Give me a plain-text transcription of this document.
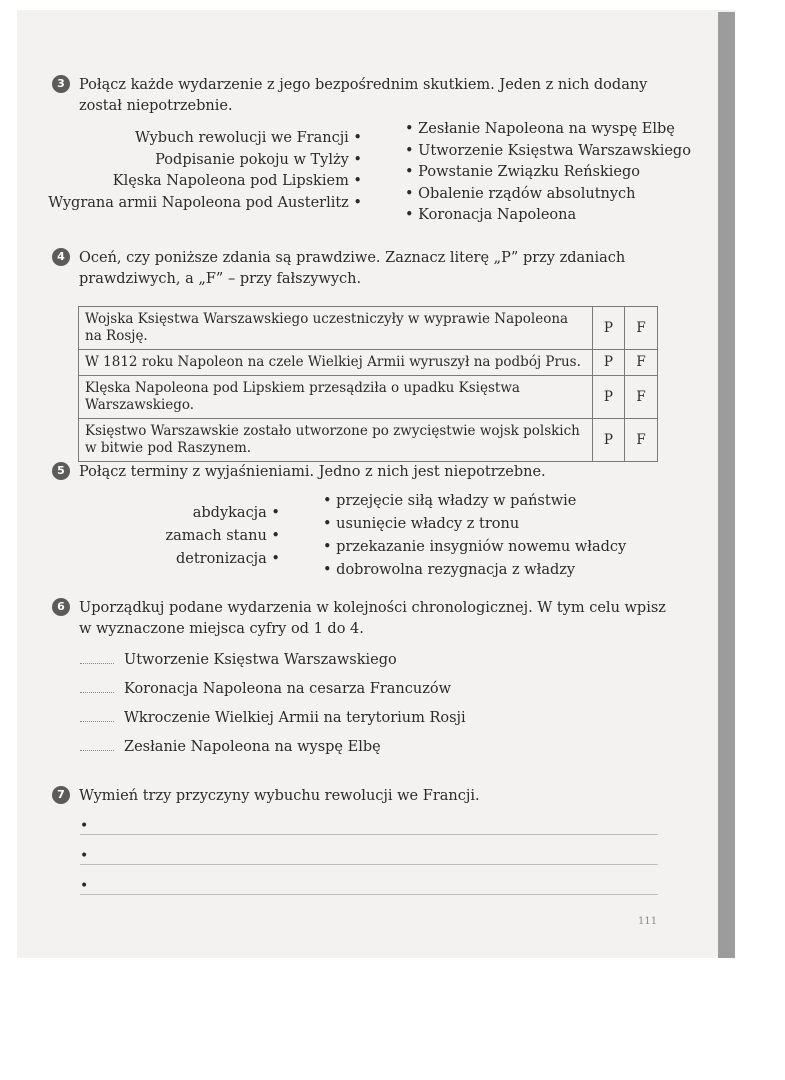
3 Połącz każde wydarzenie z jego bezpośrednim skutkiem. Jeden z nich dodany został niepotrzebnie.
Wybuch rewolucji we Francji •
Podpisanie pokoju w Tylży •
Klęska Napoleona pod Lipskiem •
Wygrana armii Napoleona pod Austerlitz •
• Zesłanie Napoleona na wyspę Elbę
• Utworzenie Księstwa Warszawskiego
• Powstanie Związku Reńskiego
• Obalenie rządów absolutnych
• Koronacja Napoleona
4 Oceń, czy poniższe zdania są prawdziwe. Zaznacz literę „P” przy zdaniach prawdziwych, a „F” – przy fałszywych.
Wojska Księstwa Warszawskiego uczestniczyły w wyprawie Napoleona na Rosję.	P	F
W 1812 roku Napoleon na czele Wielkiej Armii wyruszył na podbój Prus.	P	F
Klęska Napoleona pod Lipskiem przesądziła o upadku Księstwa Warszawskiego.	P	F
Księstwo Warszawskie zostało utworzone po zwycięstwie wojsk polskich w bitwie pod Raszynem.	P	F
5 Połącz terminy z wyjaśnieniami. Jedno z nich jest niepotrzebne.
abdykacja •
zamach stanu •
detronizacja •
• przejęcie siłą władzy w państwie
• usunięcie władcy z tronu
• przekazanie insygniów nowemu władcy
• dobrowolna rezygnacja z władzy
6 Uporządkuj podane wydarzenia w kolejności chronologicznej. W tym celu wpisz w wyznaczone miejsca cyfry od 1 do 4.
Utworzenie Księstwa Warszawskiego
Koronacja Napoleona na cesarza Francuzów
Wkroczenie Wielkiej Armii na terytorium Rosji
Zesłanie Napoleona na wyspę Elbę
7 Wymień trzy przyczyny wybuchu rewolucji we Francji.
•
•
•
111
